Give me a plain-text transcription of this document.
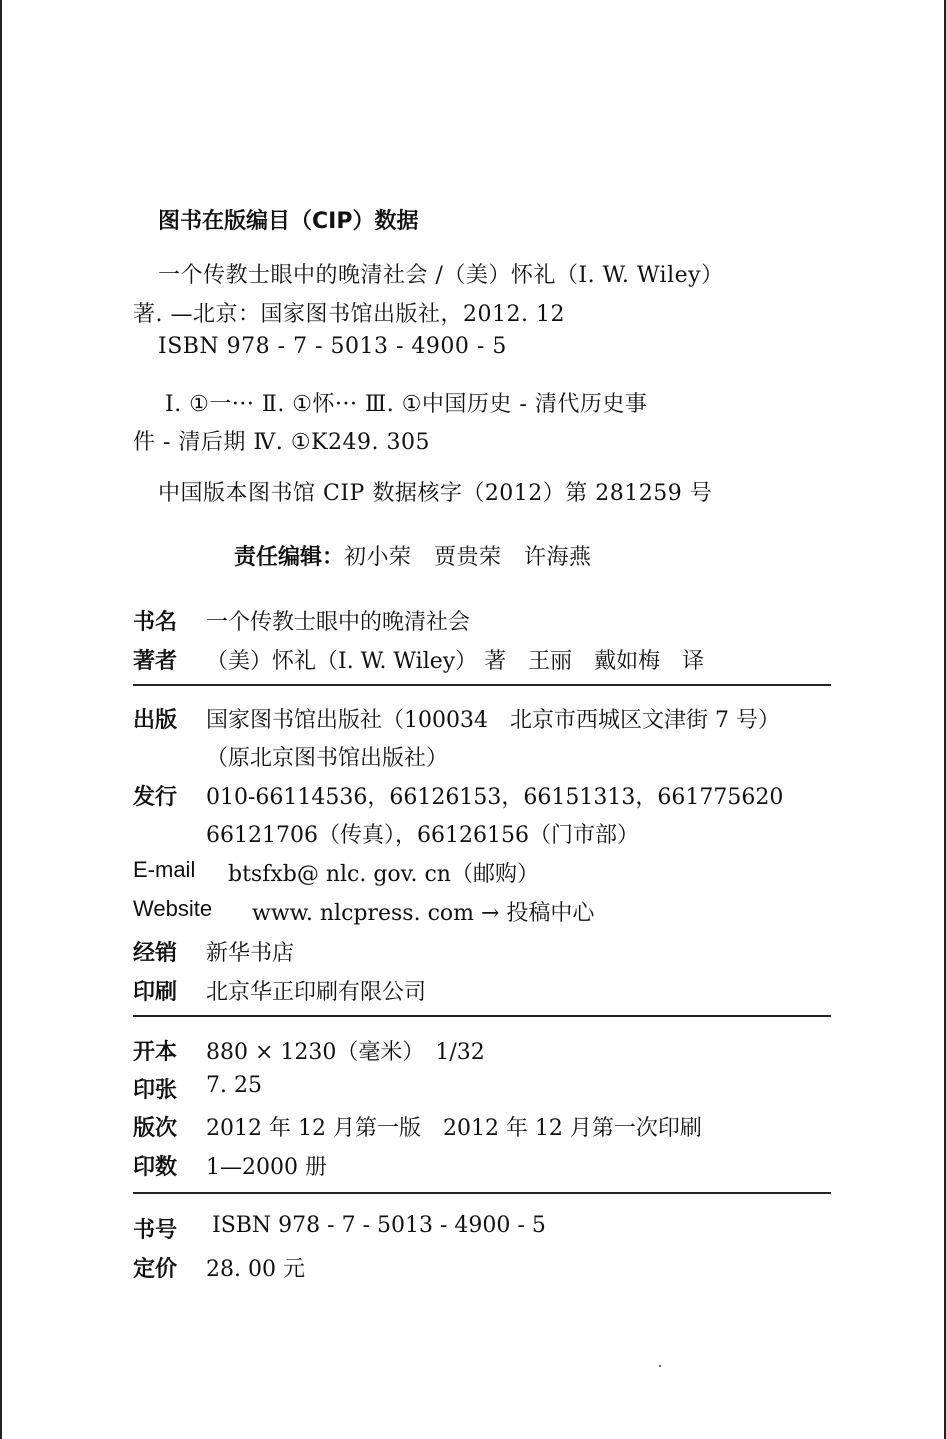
图书在版编目（CIP）数据
一个传教士眼中的晚清社会 /（美）怀礼（I. W. Wiley）
著. —北京：国家图书馆出版社，2012. 12
ISBN 978 - 7 - 5013 - 4900 - 5
Ⅰ. ①一··· Ⅱ. ①怀··· Ⅲ. ①中国历史 - 清代历史事
件 - 清后期 Ⅳ. ①K249. 305
中国版本图书馆 CIP 数据核字（2012）第 281259 号
责任编辑：初小荣　贾贵荣　许海燕
书名 一个传教士眼中的晚清社会
著者 （美）怀礼（I. W. Wiley） 著　王丽　戴如梅　译
出版 国家图书馆出版社（100034　北京市西城区文津街 7 号）
（原北京图书馆出版社）
发行 010-66114536，66126153，66151313，661775620
66121706（传真），66126156（门市部）
E-mail btsfxb@ nlc. gov. cn（邮购）
Website www. nlcpress. com → 投稿中心
经销 新华书店
印刷 北京华正印刷有限公司
开本 880 × 1230（毫米）　1/32
印张 7. 25
版次 2012 年 12 月第一版　2012 年 12 月第一次印刷
印数 1—2000 册
书号 ISBN 978 - 7 - 5013 - 4900 - 5
定价 28. 00 元
